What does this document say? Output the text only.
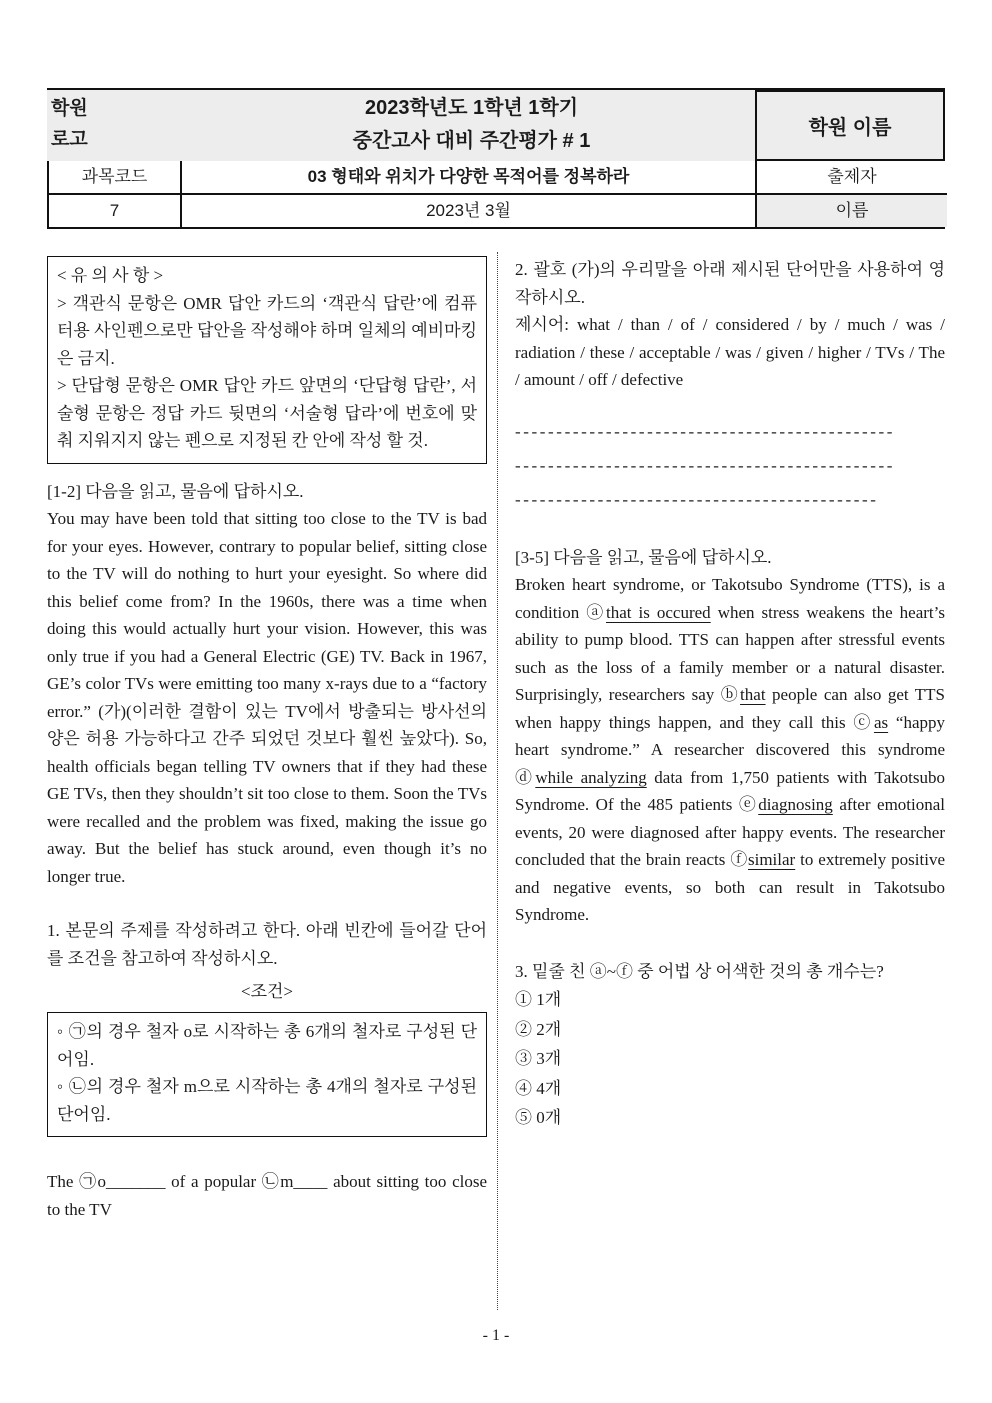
학원
로고
2023학년도 1학년 1학기
중간고사 대비 주간평가 # 1
학원 이름
과목코드	03 형태와 위치가 다양한 목적어를 정복하라	출제자
7	2023년 3월	이름
< 유 의 사 항 >
> 객관식 문항은 OMR 답안 카드의 ‘객관식 답란’에 컴퓨터용 사인펜으로만 답안을 작성해야 하며 일체의 예비마킹은 금지.
> 단답형 문항은 OMR 답안 카드 앞면의 ‘단답형 답란’, 서술형 문항은 정답 카드 뒷면의 ‘서술형 답라’에 번호에 맞춰 지워지지 않는 펜으로 지정된 칸 안에 작성 할 것.
[1-2] 다음을 읽고, 물음에 답하시오.
You may have been told that sitting too close to the TV is bad for your eyes. However, contrary to popular belief, sitting close to the TV will do nothing to hurt your eyesight. So where did this belief come from? In the 1960s, there was a time when doing this would actually hurt your vision. However, this was only true if you had a General Electric (GE) TV. Back in 1967, GE’s color TVs were emitting too many x-rays due to a “factory error.” (가)(이러한 결함이 있는 TV에서 방출되는 방사선의 양은 허용 가능하다고 간주 되었던 것보다 훨씬 높았다). So, health officials began telling TV owners that if they had these GE TVs, then they shouldn’t sit too close to them. Soon the TVs were recalled and the problem was fixed, making the issue go away. But the belief has stuck around, even though it’s no longer true.
1. 본문의 주제를 작성하려고 한다. 아래 빈칸에 들어갈 단어를 조건을 참고하여 작성하시오.
<조건>
◦ ㉠의 경우 철자 o로 시작하는 총 6개의 철자로 구성된 단어임.
◦ ㉡의 경우 철자 m으로 시작하는 총 4개의 철자로 구성된 단어임.
The ㉠o_______ of a popular ㉡m____ about sitting too close to the TV
2. 괄호 (가)의 우리말을 아래 제시된 단어만을 사용하여 영작하시오.
제시어: what / than / of / considered / by / much / was / radiation / these / acceptable / was / given / higher / TVs / The / amount / off / defective
----------------------------------------------
----------------------------------------------
--------------------------------------------
[3-5] 다음을 읽고, 물음에 답하시오.
Broken heart syndrome, or Takotsubo Syndrome (TTS), is a condition ⓐthat is occured when stress weakens the heart’s ability to pump blood. TTS can happen after stressful events such as the loss of a family member or a natural disaster. Surprisingly, researchers say ⓑthat people can also get TTS when happy things happen, and they call this ⓒas “happy heart syndrome.” A researcher discovered this syndrome ⓓwhile analyzing data from 1,750 patients with Takotsubo Syndrome. Of the 485 patients ⓔdiagnosing after emotional events, 20 were diagnosed after happy events. The researcher concluded that the brain reacts ⓕsimilar to extremely positive and negative events, so both can result in Takotsubo Syndrome.
3. 밑줄 친 ⓐ~ⓕ 중 어법 상 어색한 것의 총 개수는?
① 1개
② 2개
③ 3개
④ 4개
⑤ 0개
- 1 -
